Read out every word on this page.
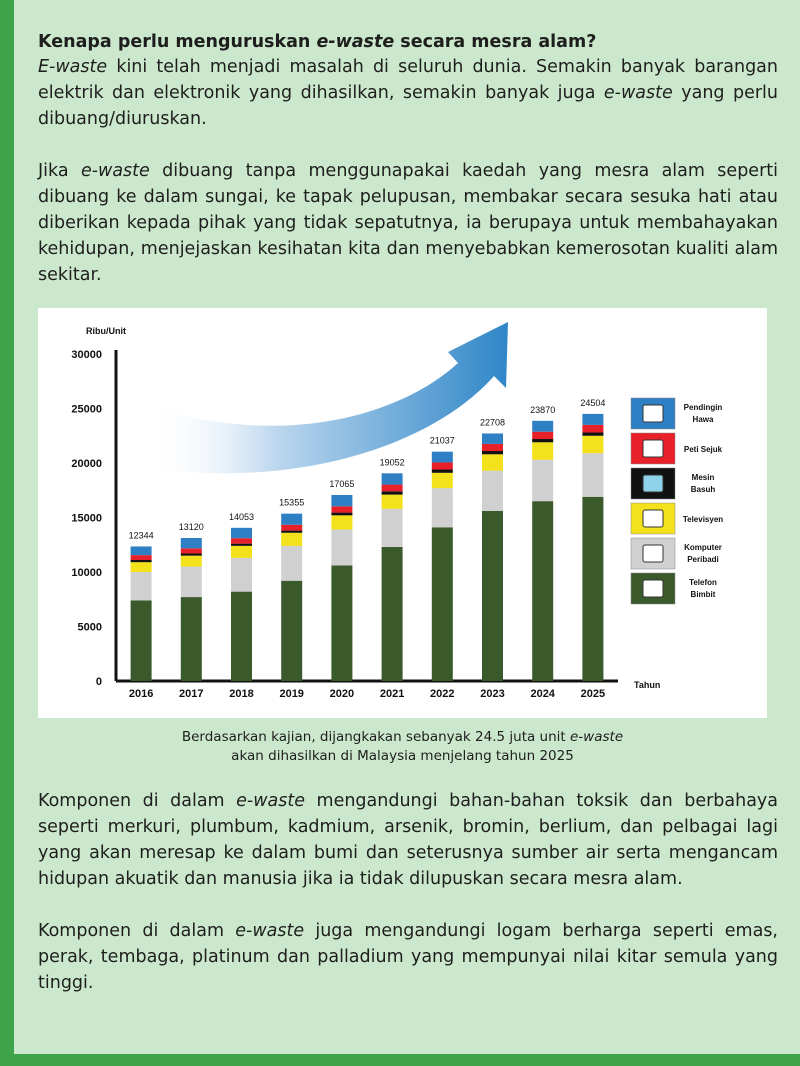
Kenapa perlu menguruskan e-waste secara mesra alam?

E-waste kini telah menjadi masalah di seluruh dunia. Semakin banyak barangan elektrik dan elektronik yang dihasilkan, semakin banyak juga e-waste yang perlu dibuang/diuruskan.

Jika e-waste dibuang tanpa menggunapakai kaedah yang mesra alam seperti dibuang ke dalam sungai, ke tapak pelupusan, membakar secara sesuka hati atau diberikan kepada pihak yang tidak sepatutnya, ia berupaya untuk membahayakan kehidupan, menjejaskan kesihatan kita dan menyebabkan kemerosotan kualiti alam sekitar.

Ribu/Unit
Tahun
0
5000
10000
15000
20000
25000
30000
12344
2016
13120
2017
14053
2018
15355
2019
17065
2020
19052
2021
21037
2022
22708
2023
23870
2024
24504
2025
Pendingin
Hawa
Peti Sejuk
Mesin
Basuh
Televisyen
Komputer
Peribadi
Telefon
Bimbit
Berdasarkan kajian, dijangkakan sebanyak 24.5 juta unit e-waste
akan dihasilkan di Malaysia menjelang tahun 2025

Komponen di dalam e-waste mengandungi bahan-bahan toksik dan berbahaya seperti merkuri, plumbum, kadmium, arsenik, bromin, berlium, dan pelbagai lagi yang akan meresap ke dalam bumi dan seterusnya sumber air serta mengancam hidupan akuatik dan manusia jika ia tidak dilupuskan secara mesra alam.

Komponen di dalam e-waste juga mengandungi logam berharga seperti emas, perak, tembaga, platinum dan palladium yang mempunyai nilai kitar semula yang tinggi.
